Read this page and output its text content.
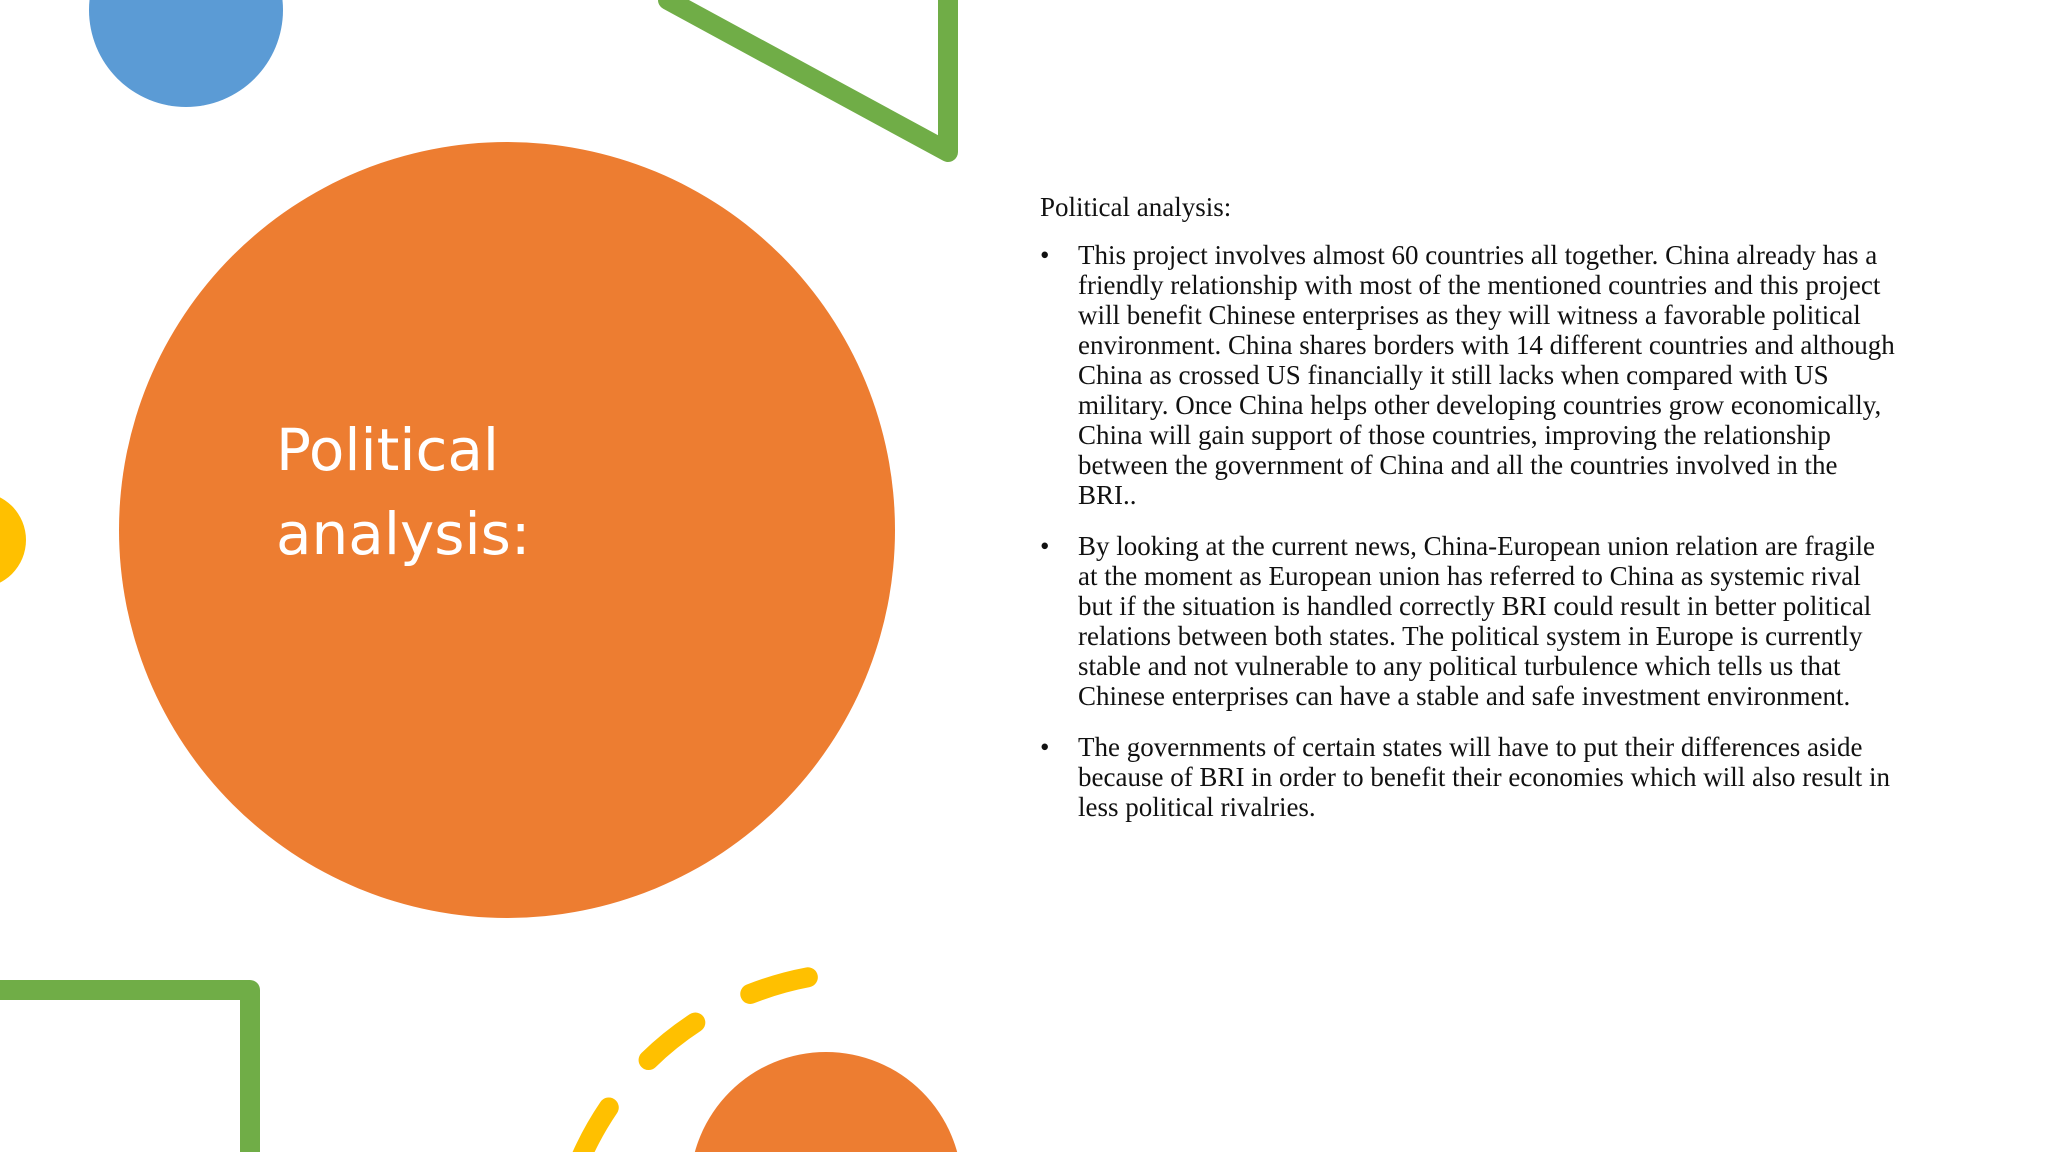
Political
analysis:

Political analysis:

• This project involves almost 60 countries all together. China already has a friendly relationship with most of the mentioned countries and this project will benefit Chinese enterprises as they will witness a favorable political environment. China shares borders with 14 different countries and although China as crossed US financially it still lacks when compared with US military. Once China helps other developing countries grow economically, China will gain support of those countries, improving the relationship between the government of China and all the countries involved in the BRI..
• By looking at the current news, China-European union relation are fragile at the moment as European union has referred to China as systemic rival but if the situation is handled correctly BRI could result in better political relations between both states. The political system in Europe is currently stable and not vulnerable to any political turbulence which tells us that Chinese enterprises can have a stable and safe investment environment.
• The governments of certain states will have to put their differences aside because of BRI in order to benefit their economies which will also result in less political rivalries.
